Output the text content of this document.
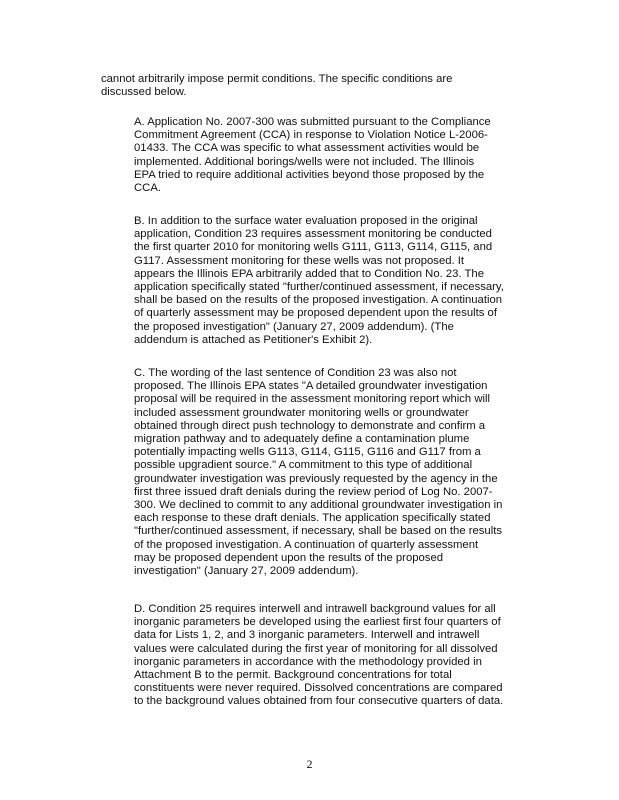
cannot arbitrarily impose permit conditions. The specific conditions are
discussed below.

A. Application No. 2007-300 was submitted pursuant to the Compliance
Commitment Agreement (CCA) in response to Violation Notice L-2006-
01433. The CCA was specific to what assessment activities would be
implemented. Additional borings/wells were not included. The Illinois
EPA tried to require additional activities beyond those proposed by the
CCA.

B. In addition to the surface water evaluation proposed in the original
application, Condition 23 requires assessment monitoring be conducted
the first quarter 2010 for monitoring wells G111, G113, G114, G115, and
G117. Assessment monitoring for these wells was not proposed. It
appears the Illinois EPA arbitrarily added that to Condition No. 23. The
application specifically stated "further/continued assessment, if necessary,
shall be based on the results of the proposed investigation. A continuation
of quarterly assessment may be proposed dependent upon the results of
the proposed investigation" (January 27, 2009 addendum). (The
addendum is attached as Petitioner's Exhibit 2).

C. The wording of the last sentence of Condition 23 was also not
proposed. The Illinois EPA states "A detailed groundwater investigation
proposal will be required in the assessment monitoring report which will
included assessment groundwater monitoring wells or groundwater
obtained through direct push technology to demonstrate and confirm a
migration pathway and to adequately define a contamination plume
potentially impacting wells G113, G114, G115, G116 and G117 from a
possible upgradient source." A commitment to this type of additional
groundwater investigation was previously requested by the agency in the
first three issued draft denials during the review period of Log No. 2007-
300. We declined to commit to any additional groundwater investigation in
each response to these draft denials. The application specifically stated
"further/continued assessment, if necessary, shall be based on the results
of the proposed investigation. A continuation of quarterly assessment
may be proposed dependent upon the results of the proposed
investigation" (January 27, 2009 addendum).

D. Condition 25 requires interwell and intrawell background values for all
inorganic parameters be developed using the earliest first four quarters of
data for Lists 1, 2, and 3 inorganic parameters. Interwell and intrawell
values were calculated during the first year of monitoring for all dissolved
inorganic parameters in accordance with the methodology provided in
Attachment B to the permit. Background concentrations for total
constituents were never required. Dissolved concentrations are compared
to the background values obtained from four consecutive quarters of data.

2
